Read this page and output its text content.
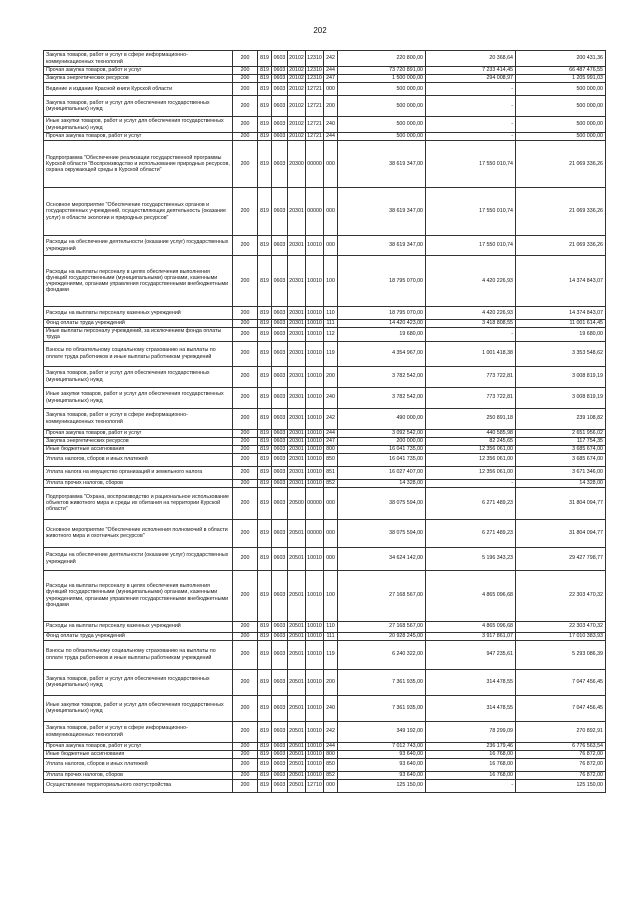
202
Закупка товаров, работ и услуг в сфере информационно-коммуникационных технологий	200	819	0603	20102	12310	242	220 800,00	20 368,64	200 431,36
Прочая закупка товаров, работ и услуг	200	819	0603	20102	12310	244	73 720 891,00	7 233 414,45	66 487 476,55
Закупка энергетических ресурсов	200	819	0603	20102	12310	247	1 500 000,00	294 008,97	1 205 991,03
Ведение и издание Красной книги Курской области	200	819	0603	20102	12721	000	500 000,00	-	500 000,00
Закупка товаров, работ и услуг для обеспечения государственных (муниципальных) нужд	200	819	0603	20102	12721	200	500 000,00	-	500 000,00
Иные закупки товаров, работ и услуг для обеспечения государственных (муниципальных) нужд	200	819	0603	20102	12721	240	500 000,00	-	500 000,00
Прочая закупка товаров, работ и услуг	200	819	0603	20102	12721	244	500 000,00	-	500 000,00
Подпрограмма "Обеспечение реализации государственной программы Курской области "Воспроизводство и использование природных ресурсов, охрана окружающей среды в Курской области"	200	819	0603	20300	00000	000	38 619 347,00	17 550 010,74	21 069 336,26
Основное мероприятие "Обеспечение государственных органов и государственных учреждений, осуществляющих деятельность (оказание услуг) в области экологии и природных ресурсов"	200	819	0603	20301	00000	000	38 619 347,00	17 550 010,74	21 069 336,26
Расходы на обеспечение деятельности (оказание услуг) государственных учреждений	200	819	0603	20301	10010	000	38 619 347,00	17 550 010,74	21 069 336,26
Расходы на выплаты персоналу в целях обеспечения выполнения функций государственными (муниципальными) органами, казенными учреждениями, органами управления государственными внебюджетными фондами	200	819	0603	20301	10010	100	18 795 070,00	4 420 226,93	14 374 843,07
Расходы на выплаты персоналу казенных учреждений	200	819	0603	20301	10010	110	18 795 070,00	4 420 226,93	14 374 843,07
Фонд оплаты труда учреждений	200	819	0603	20301	10010	111	14 420 423,00	3 418 808,55	11 001 614,45
Иные выплаты персоналу учреждений, за исключением фонда оплаты труда	200	819	0603	20301	10010	112	19 680,00	-	19 680,00
Взносы по обязательному социальному страхованию на выплаты по оплате труда работников и иные выплаты работникам учреждений	200	819	0603	20301	10010	119	4 354 967,00	1 001 418,38	3 353 548,62
Закупка товаров, работ и услуг для обеспечения государственных (муниципальных) нужд	200	819	0603	20301	10010	200	3 782 542,00	773 722,81	3 008 819,19
Иные закупки товаров, работ и услуг для обеспечения государственных (муниципальных) нужд	200	819	0603	20301	10010	240	3 782 542,00	773 722,81	3 008 819,19
Закупка товаров, работ и услуг в сфере информационно-коммуникационных технологий	200	819	0603	20301	10010	242	490 000,00	250 891,18	239 108,82
Прочая закупка товаров, работ и услуг	200	819	0603	20301	10010	244	3 092 542,00	440 585,98	2 651 956,02
Закупка энергетических ресурсов	200	819	0603	20301	10010	247	200 000,00	82 245,65	117 754,35
Иные бюджетные ассигнования	200	819	0603	20301	10010	800	16 041 735,00	12 356 061,00	3 685 674,00
Уплата налогов, сборов и иных платежей	200	819	0603	20301	10010	850	16 041 735,00	12 356 061,00	3 685 674,00
Уплата налога на имущество организаций и земельного налога	200	819	0603	20301	10010	851	16 027 407,00	12 356 061,00	3 671 346,00
Уплата прочих налогов, сборов	200	819	0603	20301	10010	852	14 328,00	-	14 328,00
Подпрограмма "Охрана, воспроизводство и рациональное использование объектов животного мира и среды их обитания на территории Курской области"	200	819	0603	20500	00000	000	38 075 594,00	6 271 489,23	31 804 094,77
Основное мероприятие "Обеспечение исполнения полномочий в области животного мира и охотничьих ресурсов"	200	819	0603	20501	00000	000	38 075 594,00	6 271 489,23	31 804 094,77
Расходы на обеспечение деятельности (оказание услуг) государственных учреждений	200	819	0603	20501	10010	000	34 624 142,00	5 196 343,23	29 427 798,77
Расходы на выплаты персоналу в целях обеспечения выполнения функций государственными (муниципальными) органами, казенными учреждениями, органами управления государственными внебюджетными фондами	200	819	0603	20501	10010	100	27 168 567,00	4 865 096,68	22 303 470,32
Расходы на выплаты персоналу казенных учреждений	200	819	0603	20501	10010	110	27 168 567,00	4 865 096,68	22 303 470,32
Фонд оплаты труда учреждений	200	819	0603	20501	10010	111	20 928 245,00	3 917 861,07	17 010 383,93
Взносы по обязательному социальному страхованию на выплаты по оплате труда работников и иные выплаты работникам учреждений	200	819	0603	20501	10010	119	6 240 322,00	947 235,61	5 293 086,39
Закупка товаров, работ и услуг для обеспечения государственных (муниципальных) нужд	200	819	0603	20501	10010	200	7 361 935,00	314 478,55	7 047 456,45
Иные закупки товаров, работ и услуг для обеспечения государственных (муниципальных) нужд	200	819	0603	20501	10010	240	7 361 935,00	314 478,55	7 047 456,45
Закупка товаров, работ и услуг в сфере информационно-коммуникационных технологий	200	819	0603	20501	10010	242	349 192,00	78 299,09	270 892,91
Прочая закупка товаров, работ и услуг	200	819	0603	20501	10010	244	7 012 743,00	236 179,46	6 776 563,54
Иные бюджетные ассигнования	200	819	0603	20501	10010	800	93 640,00	16 768,00	76 872,00
Уплата налогов, сборов и иных платежей	200	819	0603	20501	10010	850	93 640,00	16 768,00	76 872,00
Уплата прочих налогов, сборов	200	819	0603	20501	10010	852	93 640,00	16 768,00	76 872,00
Осуществление территориального охотустройства	200	819	0603	20501	12710	000	125 150,00	-	125 150,00
